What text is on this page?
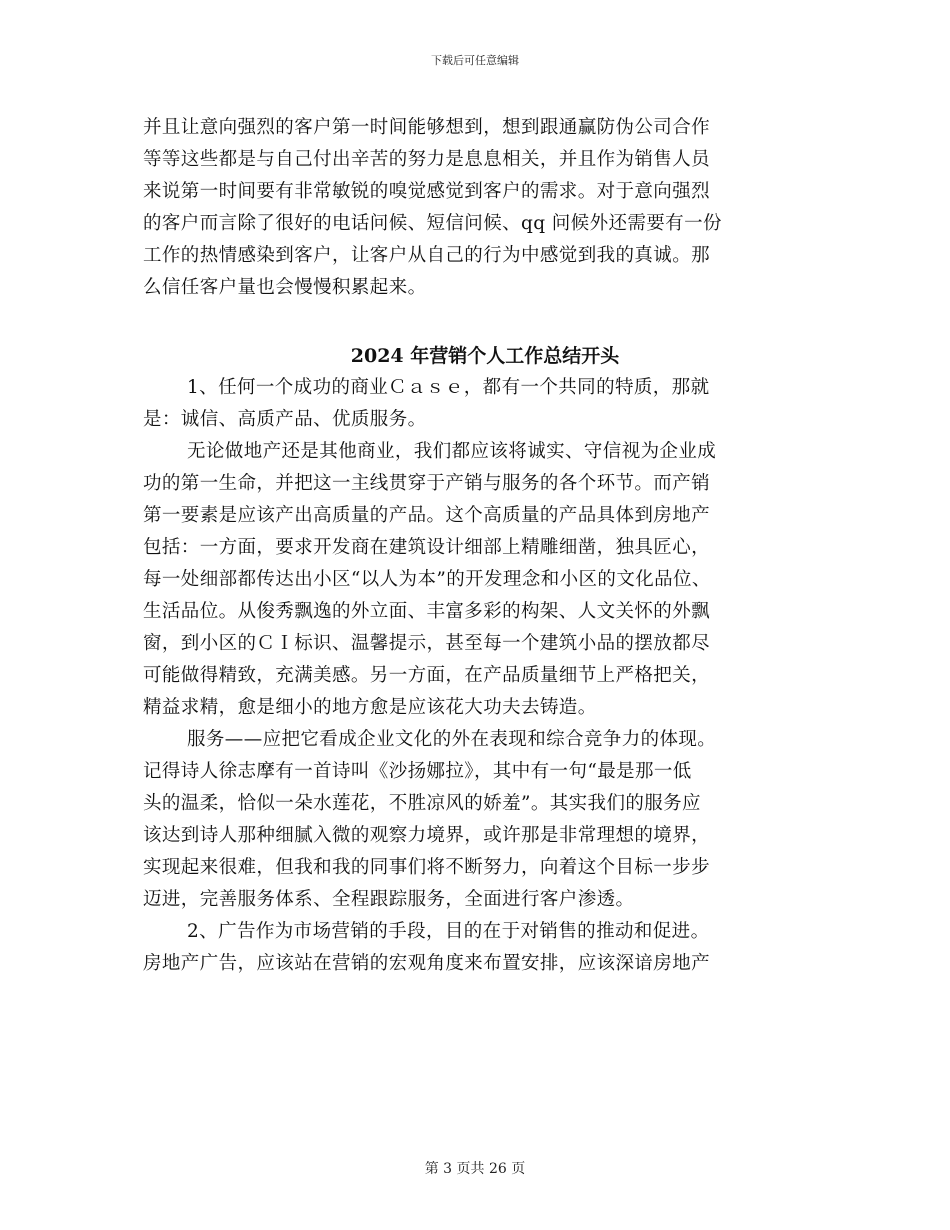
下载后可任意编辑
并且让意向强烈的客户第一时间能够想到，想到跟通赢防伪公司合作
等等这些都是与自己付出辛苦的努力是息息相关，并且作为销售人员
来说第一时间要有非常敏锐的嗅觉感觉到客户的需求。对于意向强烈
的客户而言除了很好的电话问候、短信问候、qq 问候外还需要有一份
工作的热情感染到客户，让客户从自己的行为中感觉到我的真诚。那
么信任客户量也会慢慢积累起来。
2024 年营销个人工作总结开头
1、任何一个成功的商业Ｃａｓｅ，都有一个共同的特质，那就
是：诚信、高质产品、优质服务。
无论做地产还是其他商业，我们都应该将诚实、守信视为企业成
功的第一生命，并把这一主线贯穿于产销与服务的各个环节。而产销
第一要素是应该产出高质量的产品。这个高质量的产品具体到房地产
包括：一方面，要求开发商在建筑设计细部上精雕细凿，独具匠心，
每一处细部都传达出小区“以人为本”的开发理念和小区的文化品位、
生活品位。从俊秀飘逸的外立面、丰富多彩的构架、人文关怀的外飘
窗，到小区的ＣＩ标识、温馨提示，甚至每一个建筑小品的摆放都尽
可能做得精致，充满美感。另一方面，在产品质量细节上严格把关，
精益求精，愈是细小的地方愈是应该花大功夫去铸造。
服务——应把它看成企业文化的外在表现和综合竞争力的体现。
记得诗人徐志摩有一首诗叫《沙扬娜拉》，其中有一句“最是那一低
头的温柔，恰似一朵水莲花，不胜凉风的娇羞”。其实我们的服务应
该达到诗人那种细腻入微的观察力境界，或许那是非常理想的境界，
实现起来很难，但我和我的同事们将不断努力，向着这个目标一步步
迈进，完善服务体系、全程跟踪服务，全面进行客户渗透。
2、广告作为市场营销的手段，目的在于对销售的推动和促进。
房地产广告，应该站在营销的宏观角度来布置安排，应该深谙房地产
第 3 页共 26 页
